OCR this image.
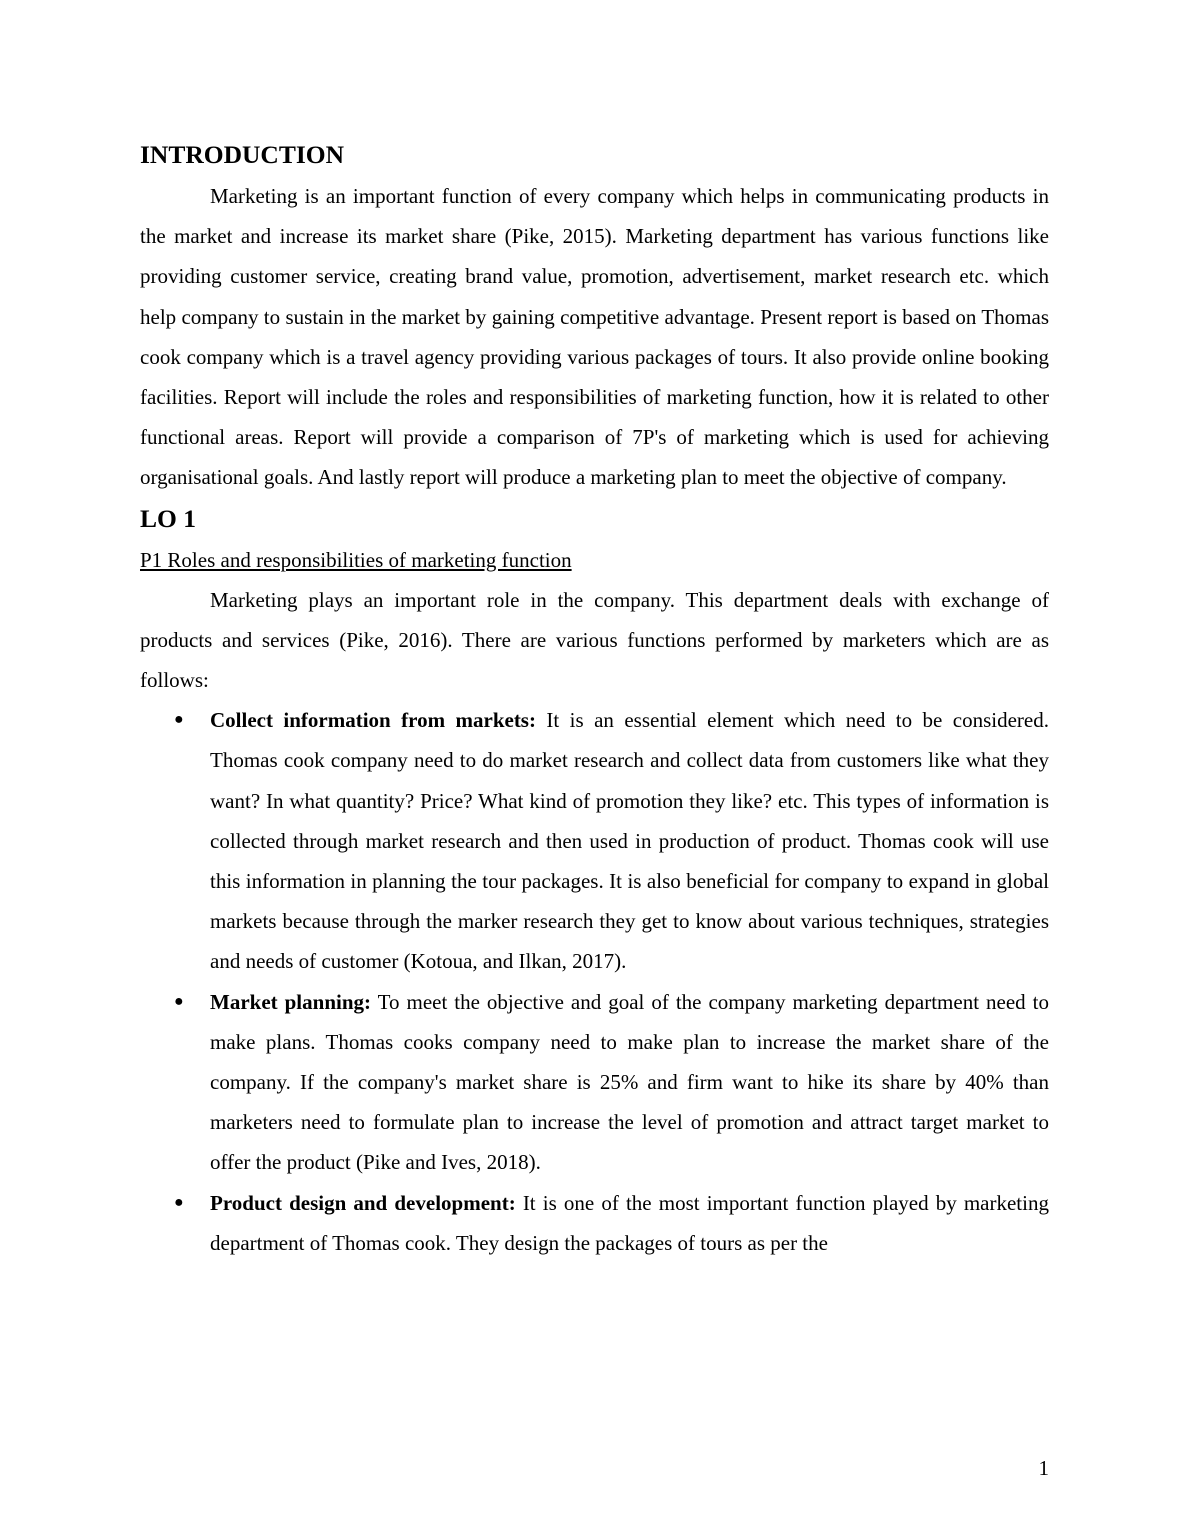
INTRODUCTION

Marketing is an important function of every company which helps in communicating products in the market and increase its market share (Pike, 2015). Marketing department has various functions like providing customer service, creating brand value, promotion, advertisement, market research etc. which help company to sustain in the market by gaining competitive advantage. Present report is based on Thomas cook company which is a travel agency providing various packages of tours. It also provide online booking facilities. Report will include the roles and responsibilities of marketing function, how it is related to other functional areas. Report will provide a comparison of 7P's of marketing which is used for achieving organisational goals. And lastly report will produce a marketing plan to meet the objective of company.

LO 1
P1 Roles and responsibilities of marketing function

Marketing plays an important role in the company. This department deals with exchange of products and services (Pike, 2016). There are various functions performed by marketers which are as follows:

● Collect information from markets: It is an essential element which need to be considered. Thomas cook company need to do market research and collect data from customers like what they want? In what quantity? Price? What kind of promotion they like? etc. This types of information is collected through market research and then used in production of product. Thomas cook will use this information in planning the tour packages. It is also beneficial for company to expand in global markets because through the marker research they get to know about various techniques, strategies and needs of customer (Kotoua, and Ilkan, 2017).
● Market planning: To meet the objective and goal of the company marketing department need to make plans. Thomas cooks company need to make plan to increase the market share of the company. If the company's market share is 25% and firm want to hike its share by 40% than marketers need to formulate plan to increase the level of promotion and attract target market to offer the product (Pike and Ives, 2018).
● Product design and development: It is one of the most important function played by marketing department of Thomas cook. They design the packages of tours as per the
1
